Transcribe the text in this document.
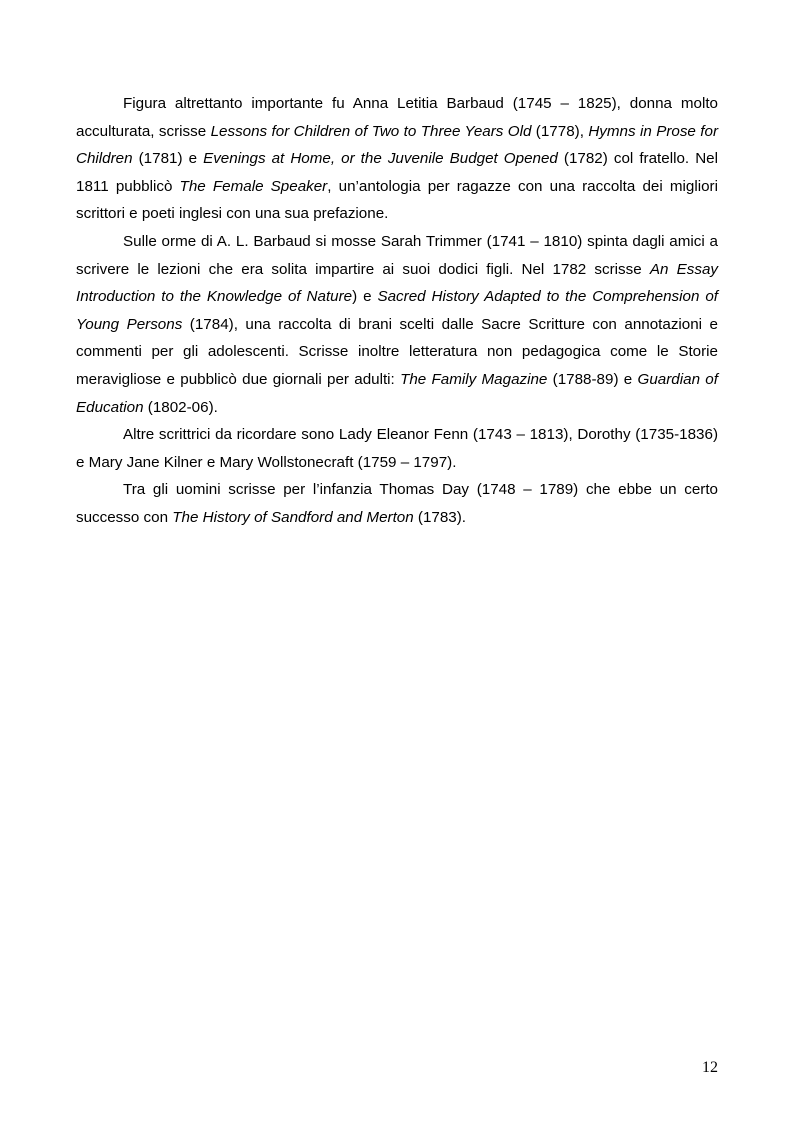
Figura altrettanto importante fu Anna Letitia Barbaud (1745 – 1825), donna molto acculturata, scrisse Lessons for Children of Two to Three Years Old (1778), Hymns in Prose for Children (1781) e Evenings at Home, or the Juvenile Budget Opened (1782) col fratello. Nel 1811 pubblicò The Female Speaker, un’antologia per ragazze con una raccolta dei migliori scrittori e poeti inglesi con una sua prefazione.

Sulle orme di A. L. Barbaud si mosse Sarah Trimmer (1741 – 1810) spinta dagli amici a scrivere le lezioni che era solita impartire ai suoi dodici figli. Nel 1782 scrisse An Essay Introduction to the Knowledge of Nature) e Sacred History Adapted to the Comprehension of Young Persons (1784), una raccolta di brani scelti dalle Sacre Scritture con annotazioni e commenti per gli adolescenti. Scrisse inoltre letteratura non pedagogica come le Storie meravigliose e pubblicò due giornali per adulti: The Family Magazine (1788-89) e Guardian of Education (1802-06).

Altre scrittrici da ricordare sono Lady Eleanor Fenn (1743 – 1813), Dorothy (1735-1836) e Mary Jane Kilner e Mary Wollstonecraft (1759 – 1797).

Tra gli uomini scrisse per l’infanzia Thomas Day (1748 – 1789) che ebbe un certo successo con The History of Sandford and Merton (1783).

12
